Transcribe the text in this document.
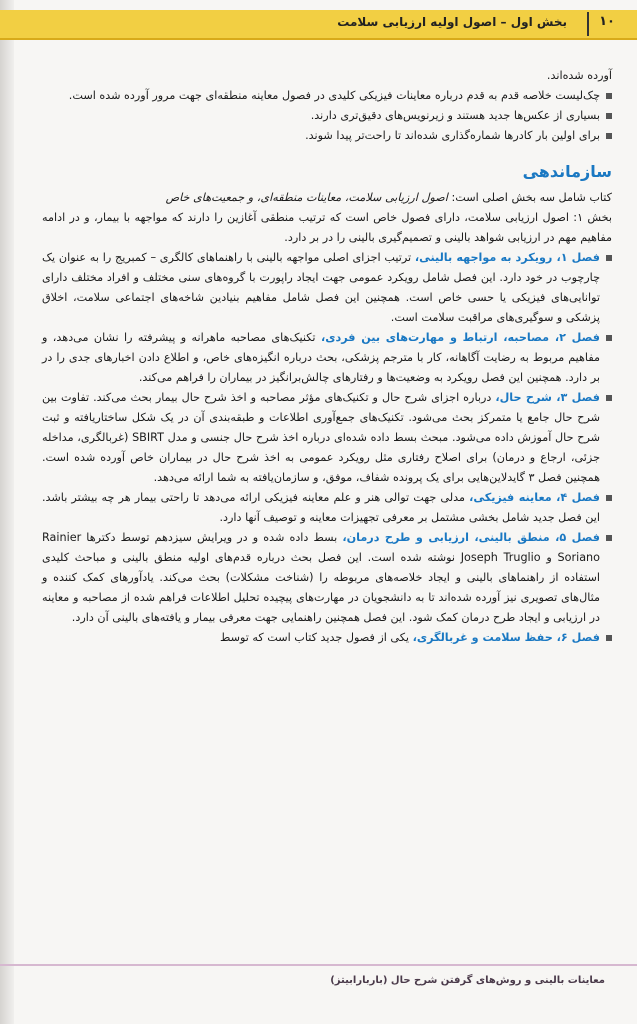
۱۰
بخش اول – اصول اولیه ارزیابی سلامت
آورده شده‌اند.
چک‌لیست خلاصه قدم به قدم درباره معاینات فیزیکی کلیدی در فصول معاینه منطقه‌ای جهت مرور آورده شده است.
بسیاری از عکس‌ها جدید هستند و زیرنویس‌های دقیق‌تری دارند.
برای اولین بار کادرها شماره‌گذاری شده‌اند تا راحت‌تر پیدا شوند.
سازماندهی
کتاب شامل سه بخش اصلی است: اصول ارزیابی سلامت، معاینات منطقه‌ای، و جمعیت‌های خاص
بخش ۱: اصول ارزیابی سلامت، دارای فصول خاص است که ترتیب منطقی آغازین را دارند که مواجهه با بیمار، و در ادامه مفاهیم مهم در ارزیابی شواهد بالینی و تصمیم‌گیری بالینی را در بر دارد.
فصل ۱، رویکرد به مواجهه بالینی، ترتیب اجزای اصلی مواجهه بالینی با راهنماهای کالگری – کمبریج را به عنوان یک چارچوب در خود دارد. این فصل شامل رویکرد عمومی جهت ایجاد راپورت با گروه‌های سنی مختلف و افراد مختلف دارای توانایی‌های فیزیکی یا حسی خاص است. همچنین این فصل شامل مفاهیم بنیادین شاخه‌های اجتماعی سلامت، اخلاق پزشکی و سوگیری‌های مراقبت سلامت است.
فصل ۲، مصاحبه، ارتباط و مهارت‌های بین فردی، تکنیک‌های مصاحبه ماهرانه و پیشرفته را نشان می‌دهد، و مفاهیم مربوط به رضایت آگاهانه، کار با مترجم پزشکی، بحث درباره انگیزه‌های خاص، و اطلاع دادن اخبارهای جدی را در بر دارد. همچنین این فصل رویکرد به وضعیت‌ها و رفتارهای چالش‌برانگیز در بیماران را فراهم می‌کند.
فصل ۳، شرح حال، درباره اجزای شرح حال و تکنیک‌های مؤثر مصاحبه و اخذ شرح حال بیمار بحث می‌کند. تفاوت بین شرح حال جامع یا متمرکز بحث می‌شود. تکنیک‌های جمع‌آوری اطلاعات و طبقه‌بندی آن در یک شکل ساختاریافته و ثبت شرح حال آموزش داده می‌شود. مبحث بسط داده شده‌ای درباره اخذ شرح حال جنسی و مدل SBIRT (غربالگری، مداخله جزئی، ارجاع و درمان) برای اصلاح رفتاری مثل رویکرد عمومی به اخذ شرح حال در بیماران خاص آورده شده است. همچنین فصل ۳ گایدلاین‌هایی برای یک پرونده شفاف، موفق، و سازمان‌یافته به شما ارائه می‌دهد.
فصل ۴، معاینه فیزیکی، مدلی جهت توالی هنر و علم معاینه فیزیکی ارائه می‌دهد تا راحتی بیمار هر چه بیشتر باشد. این فصل جدید شامل بخشی مشتمل بر معرفی تجهیزات معاینه و توصیف آنها دارد.
فصل ۵، منطق بالینی، ارزیابی و طرح درمان، بسط داده شده و در ویرایش سیزدهم توسط دکترها Rainier Soriano و Joseph Truglio نوشته شده است. این فصل بحث درباره قدم‌های اولیه منطق بالینی و مباحث کلیدی استفاده از راهنماهای بالینی و ایجاد خلاصه‌های مربوطه را (شناخت مشکلات) بحث می‌کند. یادآورهای کمک کننده و مثال‌های تصویری نیز آورده شده‌اند تا به دانشجویان در مهارت‌های پیچیده تحلیل اطلاعات فراهم شده از مصاحبه و معاینه در ارزیابی و ایجاد طرح درمان کمک شود. این فصل همچنین راهنمایی جهت معرفی بیمار و یافته‌های بالینی آن دارد.
فصل ۶، حفظ سلامت و غربالگری، یکی از فصول جدید کتاب است که توسط
معاینات بالینی و روش‌های گرفتن شرح حال (باربارابیتز)
